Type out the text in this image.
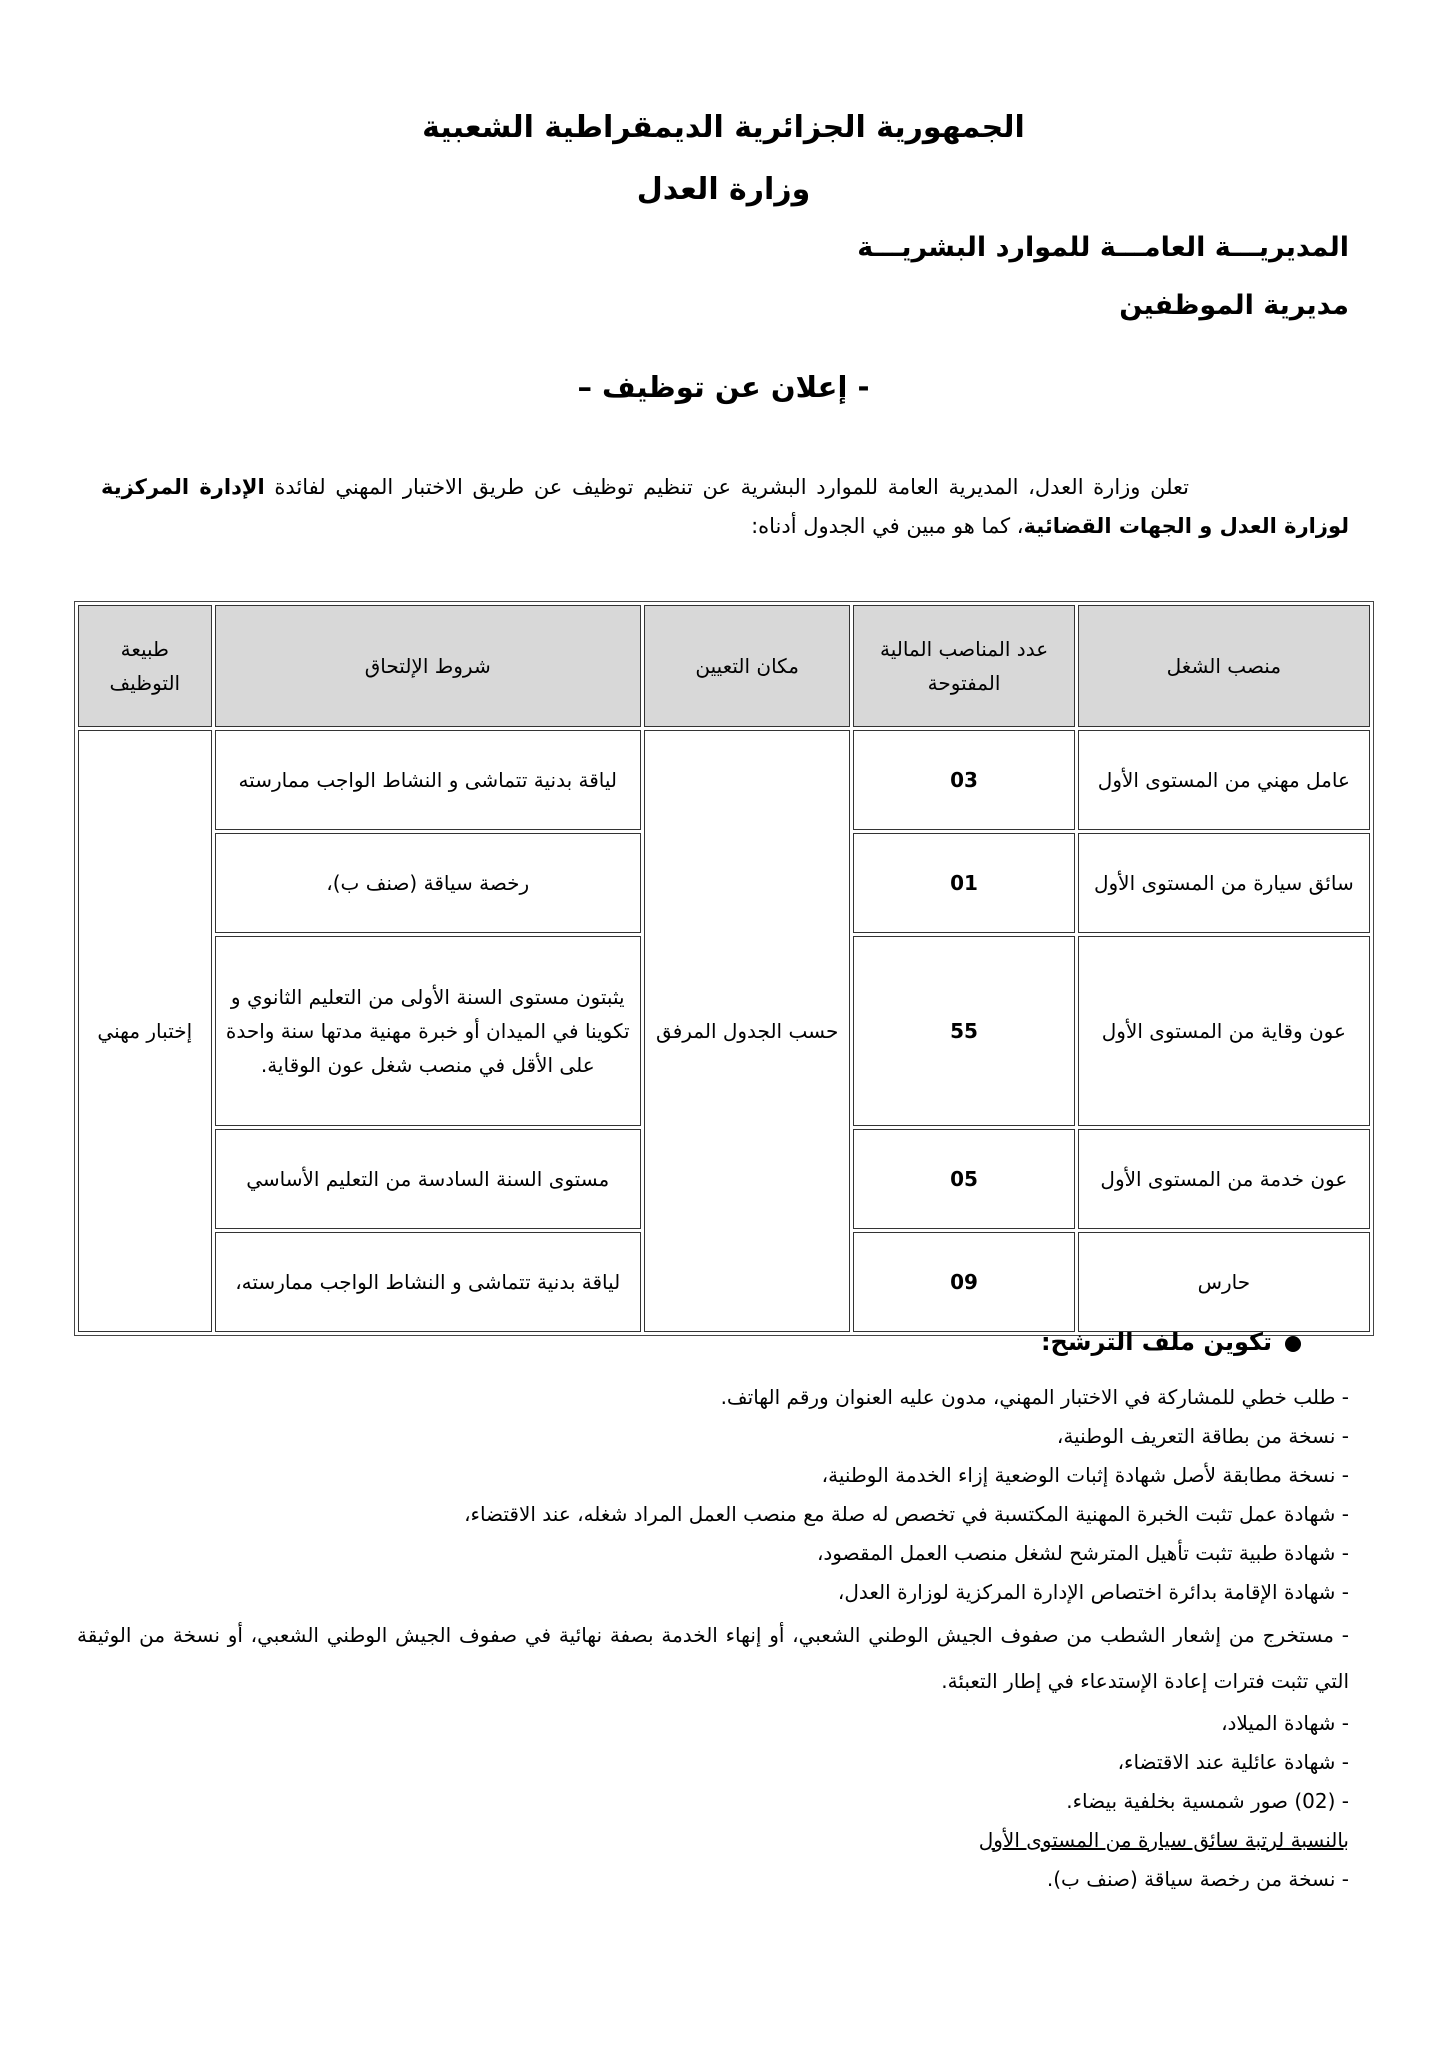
الجمهورية الجزائرية الديمقراطية الشعبية
وزارة العدل
المديريـــة العامـــة للموارد البشريـــة
مديرية الموظفين
- إعلان عن توظيف –
تعلن وزارة العدل، المديرية العامة للموارد البشرية عن تنظيم توظيف عن طريق الاختبار المهني لفائدة الإدارة المركزية لوزارة العدل و الجهات القضائية، كما هو مبين في الجدول أدناه:
منصب الشغل	عدد المناصب المالية المفتوحة	مكان التعيين	شروط الإلتحاق	طبيعة التوظيف
عامل مهني من المستوى الأول	03	حسب الجدول المرفق	لياقة بدنية تتماشى و النشاط الواجب ممارسته	إختبار مهني
سائق سيارة من المستوى الأول	01		رخصة سياقة (صنف ب)،	
عون وقاية من المستوى الأول	55		يثبتون مستوى السنة الأولى من التعليم الثانوي و تكوينا في الميدان أو خبرة مهنية مدتها سنة واحدة على الأقل في منصب شغل عون الوقاية.	
عون خدمة من المستوى الأول	05		مستوى السنة السادسة من التعليم الأساسي	
حارس	09		لياقة بدنية تتماشى و النشاط الواجب ممارسته،	
تكوين ملف الترشح:
- طلب خطي للمشاركة في الاختبار المهني، مدون عليه العنوان ورقم الهاتف.
- نسخة من بطاقة التعريف الوطنية،
- نسخة مطابقة لأصل شهادة إثبات الوضعية إزاء الخدمة الوطنية،
- شهادة عمل تثبت الخبرة المهنية المكتسبة في تخصص له صلة مع منصب العمل المراد شغله، عند الاقتضاء،
- شهادة طبية تثبت تأهيل المترشح لشغل منصب العمل المقصود،
- شهادة الإقامة بدائرة اختصاص الإدارة المركزية لوزارة العدل،
- مستخرج من إشعار الشطب من صفوف الجيش الوطني الشعبي، أو إنهاء الخدمة بصفة نهائية في صفوف الجيش الوطني الشعبي، أو نسخة من الوثيقة التي تثبت فترات إعادة الإستدعاء في إطار التعبئة.
- شهادة الميلاد،
- شهادة عائلية عند الاقتضاء،
- (02) صور شمسية بخلفية بيضاء.
بالنسبة لرتبة سائق سيارة من المستوى الأول
- نسخة من رخصة سياقة (صنف ب).
